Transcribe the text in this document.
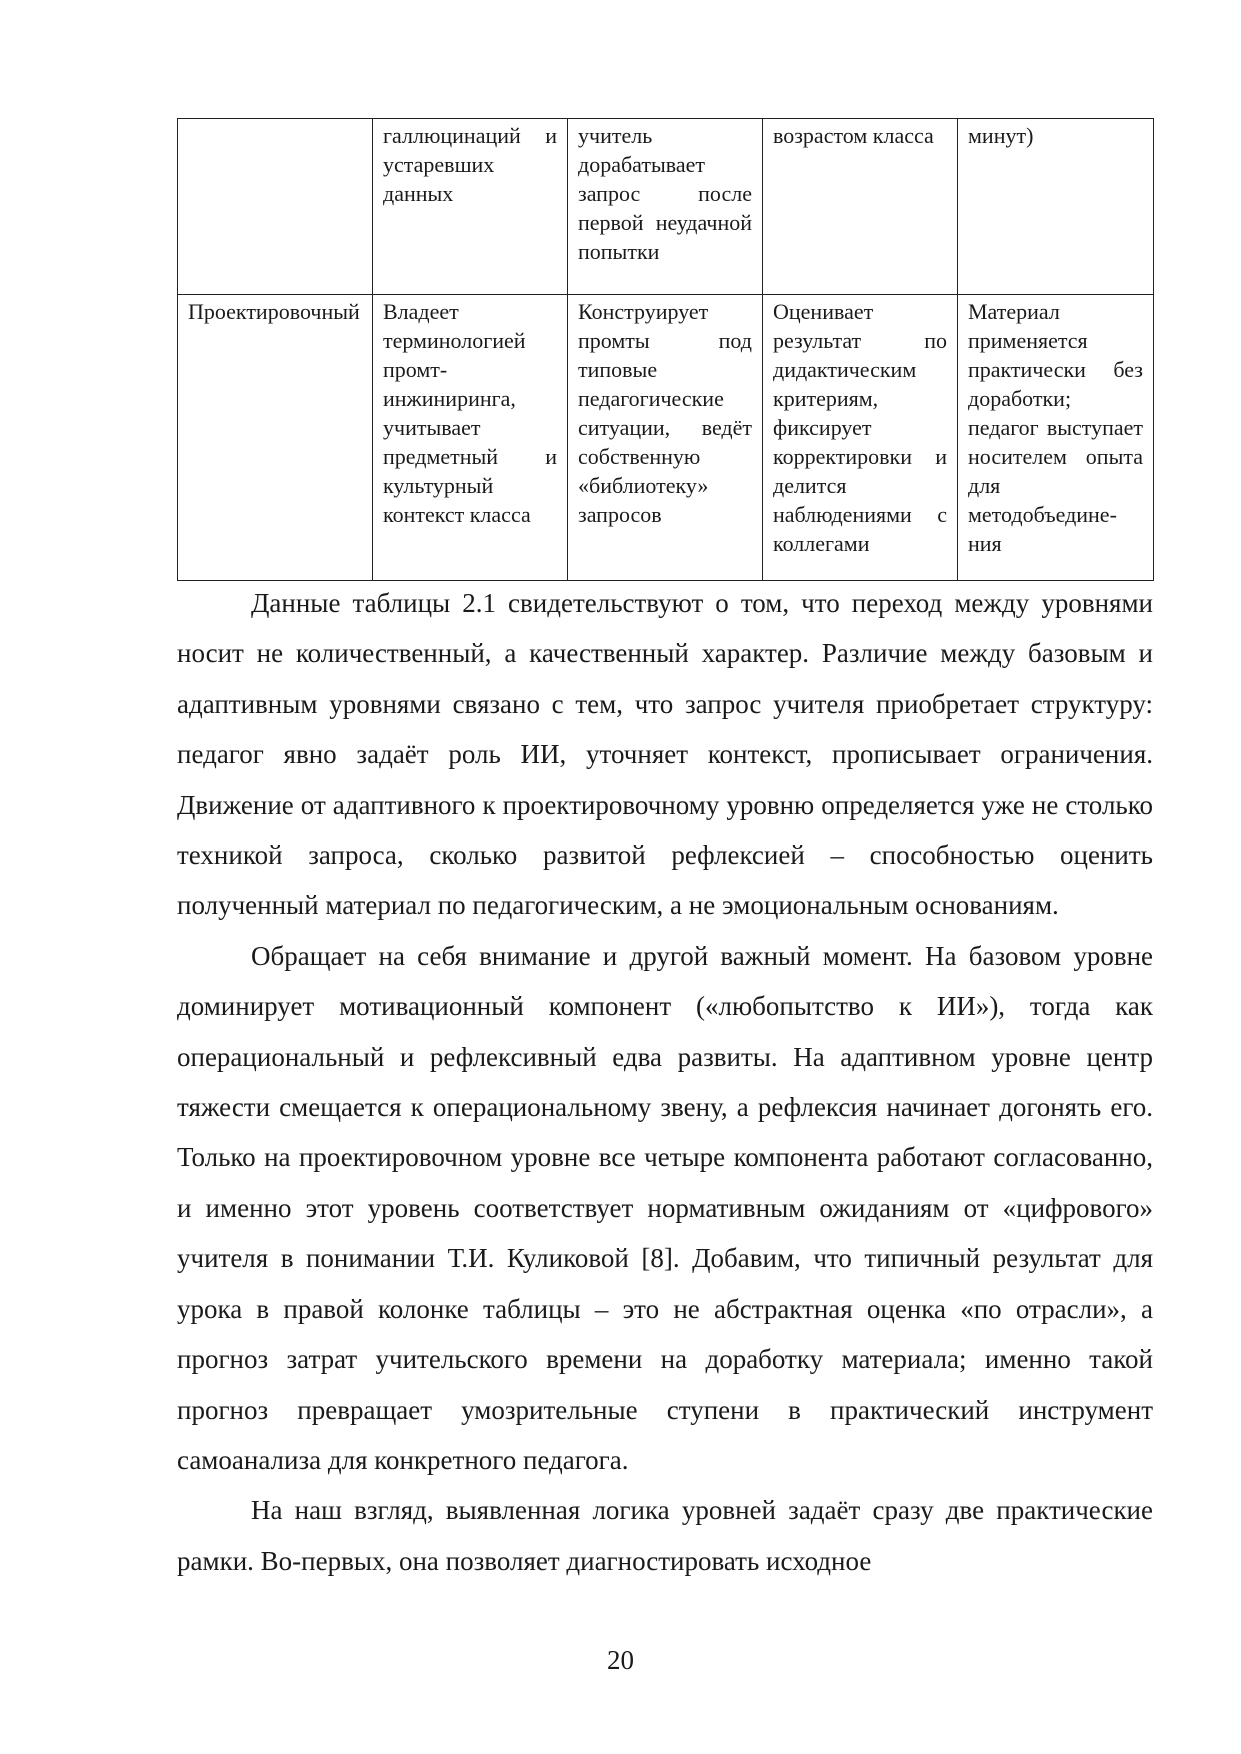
	галлюцинаций и устаревших данных	учитель дорабатывает запрос после первой неудачной попытки	возрастом класса	минут)
Проектировочный	Владеет терминологией промт-инжиниринга, учитывает предметный и культурный контекст класса	Конструирует промты под типовые педагогические ситуации, ведёт собственную «библиотеку» запросов	Оценивает результат по дидактическим критериям, фиксирует корректировки и делится наблюдениями с коллегами	Материал применяется практически без доработки; педагог выступает носителем опыта для методобъединения

Данные таблицы 2.1 свидетельствуют о том, что переход между уровнями носит не количественный, а качественный характер. Различие между базовым и адаптивным уровнями связано с тем, что запрос учителя приобретает структуру: педагог явно задаёт роль ИИ, уточняет контекст, прописывает ограничения. Движение от адаптивного к проектировочному уровню определяется уже не столько техникой запроса, сколько развитой рефлексией – способностью оценить полученный материал по педагогическим, а не эмоциональным основаниям.

Обращает на себя внимание и другой важный момент. На базовом уровне доминирует мотивационный компонент («любопытство к ИИ»), тогда как операциональный и рефлексивный едва развиты. На адаптивном уровне центр тяжести смещается к операциональному звену, а рефлексия начинает догонять его. Только на проектировочном уровне все четыре компонента работают согласованно, и именно этот уровень соответствует нормативным ожиданиям от «цифрового» учителя в понимании Т.И. Куликовой [8]. Добавим, что типичный результат для урока в правой колонке таблицы – это не абстрактная оценка «по отрасли», а прогноз затрат учительского времени на доработку материала; именно такой прогноз превращает умозрительные ступени в практический инструмент самоанализа для конкретного педагога.

На наш взгляд, выявленная логика уровней задаёт сразу две практические рамки. Во-первых, она позволяет диагностировать исходное

20
